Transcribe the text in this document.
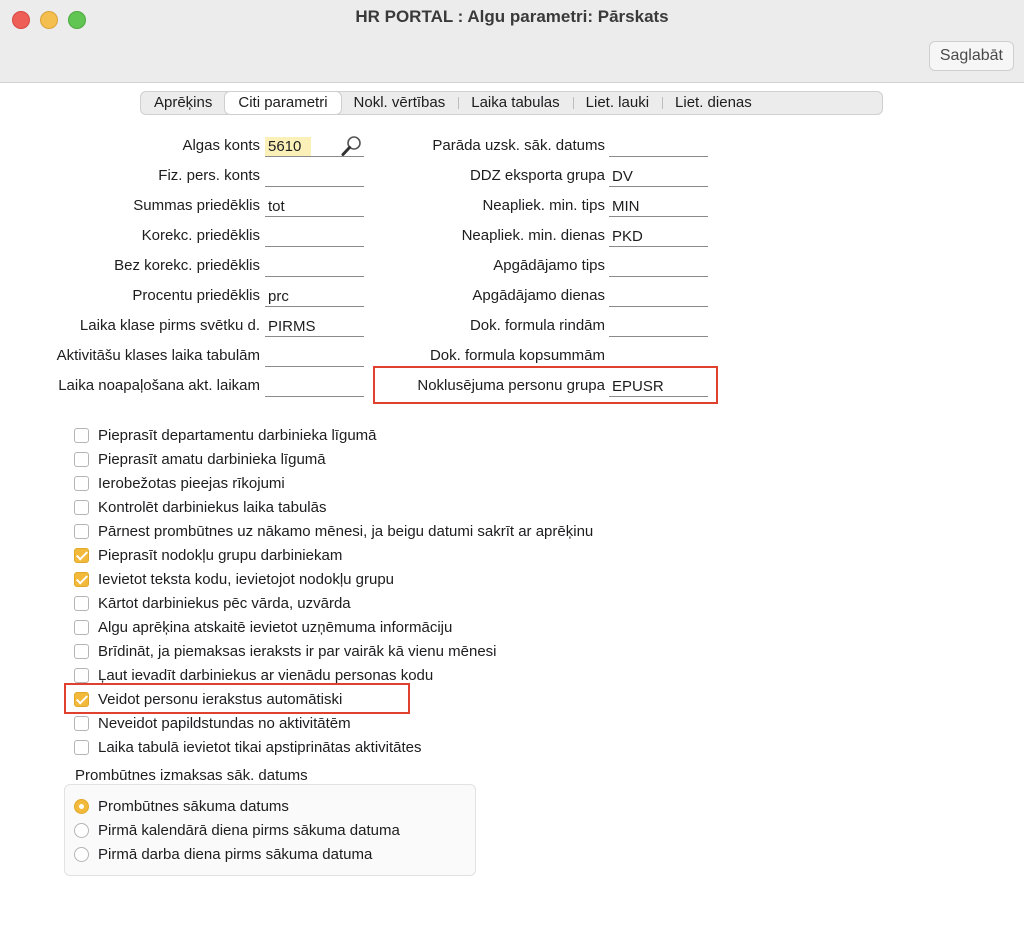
HR PORTAL : Algu parametri: Pārskats
Saglabāt
Aprēķins	Citi parametri	Nokl. vērtības	Laika tabulas	Liet. lauki	Liet. dienas
Algas konts 5610
Fiz. pers. konts
Summas priedēklis tot
Korekc. priedēklis
Bez korekc. priedēklis
Procentu priedēklis prc
Laika klase pirms svētku d. PIRMS
Aktivitāšu klases laika tabulām
Laika noapaļošana akt. laikam
Parāda uzsk. sāk. datums
DDZ eksporta grupa DV
Neapliek. min. tips MIN
Neapliek. min. dienas PKD
Apgādājamo tips
Apgādājamo dienas
Dok. formula rindām
Dok. formula kopsummām
Noklusējuma personu grupa EPUSR
Pieprasīt departamentu darbinieka līgumā
Pieprasīt amatu darbinieka līgumā
Ierobežotas pieejas rīkojumi
Kontrolēt darbiniekus laika tabulās
Pārnest prombūtnes uz nākamo mēnesi, ja beigu datumi sakrīt ar aprēķinu
Pieprasīt nodokļu grupu darbiniekam
Ievietot teksta kodu, ievietojot nodokļu grupu
Kārtot darbiniekus pēc vārda, uzvārda
Algu aprēķina atskaitē ievietot uzņēmuma informāciju
Brīdināt, ja piemaksas ieraksts ir par vairāk kā vienu mēnesi
Ļaut ievadīt darbiniekus ar vienādu personas kodu
Veidot personu ierakstus automātiski
Neveidot papildstundas no aktivitātēm
Laika tabulā ievietot tikai apstiprinātas aktivitātes
Prombūtnes izmaksas sāk. datums
Prombūtnes sākuma datums
Pirmā kalendārā diena pirms sākuma datuma
Pirmā darba diena pirms sākuma datuma
